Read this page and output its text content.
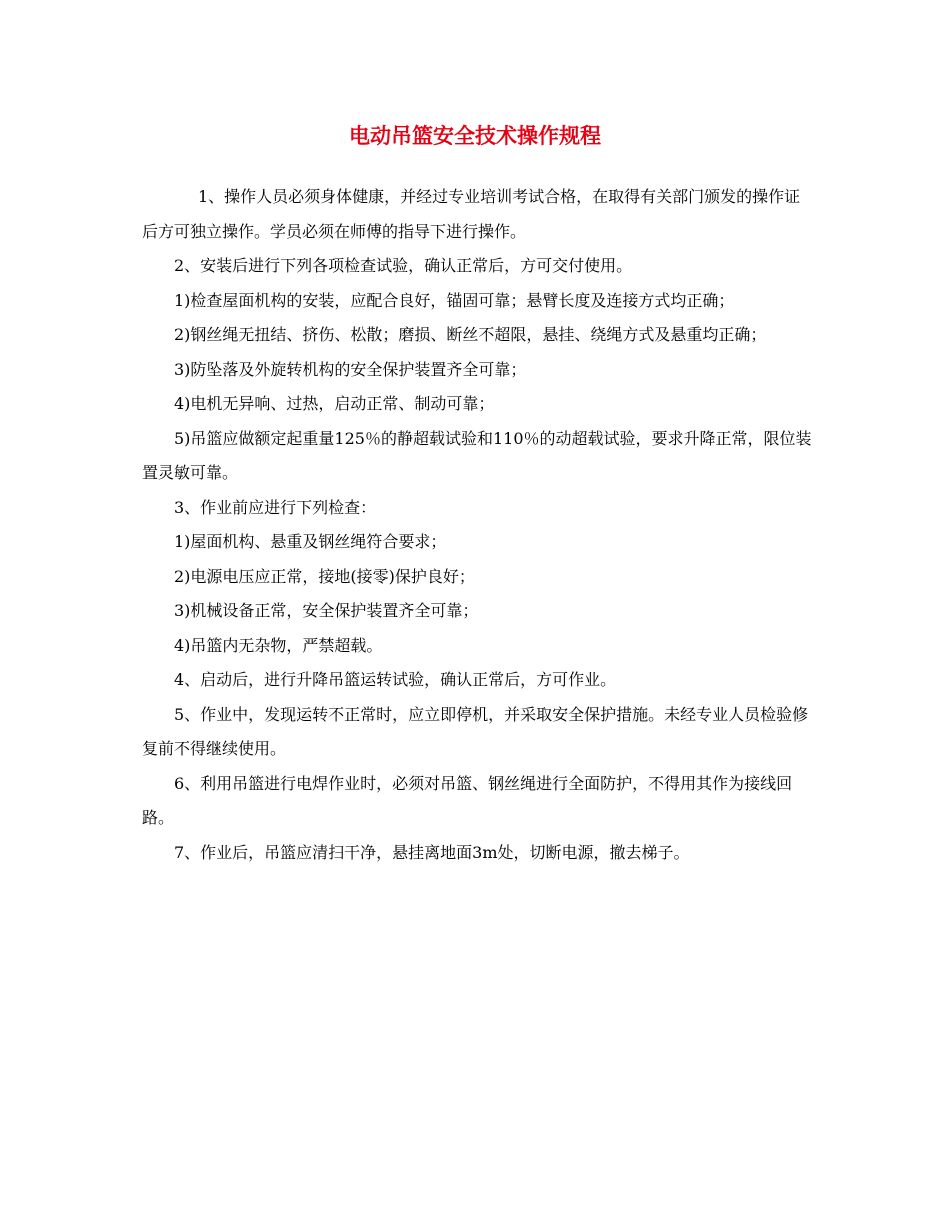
电动吊篮安全技术操作规程

1、操作人员必须身体健康，并经过专业培训考试合格，在取得有关部门颁发的操作证后方可独立操作。学员必须在师傅的指导下进行操作。

2、安装后进行下列各项检查试验，确认正常后，方可交付使用。

1)检查屋面机构的安装，应配合良好，锚固可靠；悬臂长度及连接方式均正确；

2)钢丝绳无扭结、挤伤、松散；磨损、断丝不超限，悬挂、绕绳方式及悬重均正确；

3)防坠落及外旋转机构的安全保护装置齐全可靠；

4)电机无异响、过热，启动正常、制动可靠；

5)吊篮应做额定起重量125％的静超载试验和110％的动超载试验，要求升降正常，限位装置灵敏可靠。

3、作业前应进行下列检查：

1)屋面机构、悬重及钢丝绳符合要求；

2)电源电压应正常，接地(接零)保护良好；

3)机械设备正常，安全保护装置齐全可靠；

4)吊篮内无杂物，严禁超载。

4、启动后，进行升降吊篮运转试验，确认正常后，方可作业。

5、作业中，发现运转不正常时，应立即停机，并采取安全保护措施。未经专业人员检验修复前不得继续使用。

6、利用吊篮进行电焊作业时，必须对吊篮、钢丝绳进行全面防护，不得用其作为接线回路。

7、作业后，吊篮应清扫干净，悬挂离地面3m处，切断电源，撤去梯子。
